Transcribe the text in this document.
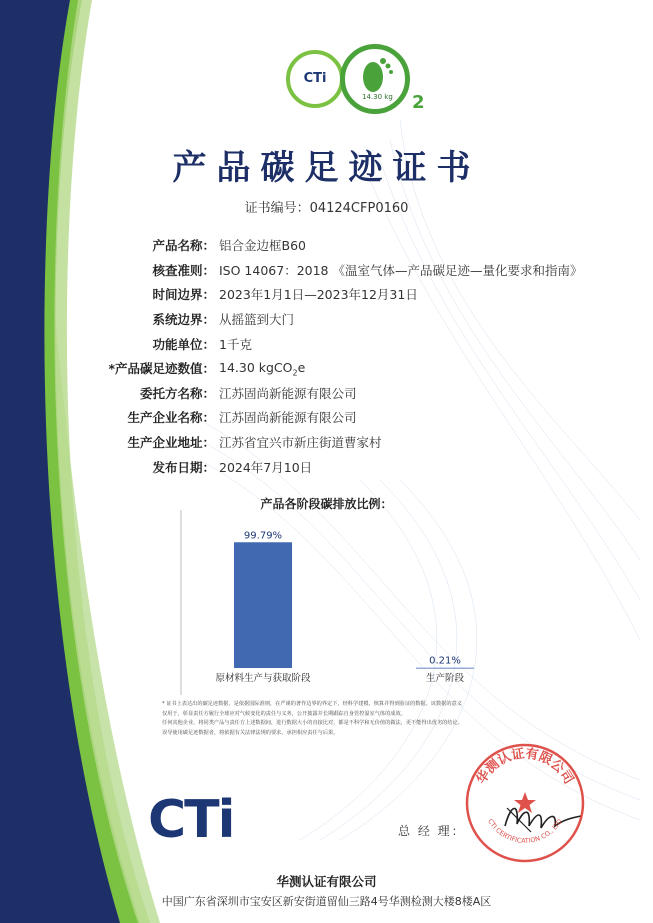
CTi
14.30 kg 2
产品碳足迹证书
证书编号：04124CFP0160
产品名称： 铝合金边框B60
核查准则： ISO 14067：2018 《温室气体—产品碳足迹—量化要求和指南》
时间边界： 2023年1月1日—2023年12月31日
系统边界： 从摇篮到大门
功能单位： 1千克
*产品碳足迹数值： 14.30 kgCO$_2$e
委托方名称： 江苏固尚新能源有限公司
生产企业名称： 江苏固尚新能源有限公司
生产企业地址： 江苏省宜兴市新庄街道曹家村
发布日期： 2024年7月10日
产品各阶段碳排放比例：
99.79%
原材料生产与获取阶段
0.21%
生产阶段
* 证书上表达出的碳足迹数据，是依据国际准则，在严谨的著作边界的界定下，经科学建模、核算并得到验证的数据。该数据的意义
仅用于，彰显责任方履行全球应对气候变化的责任与义务，公开披露并长期跟踪自身管控温室气体的成效。
任何其他企业，将同类产品与责任方上述数据间，进行数据大小的直接比对，都是不科学和无价值的做法，更不能得出优劣的结论。
误导使用碳足迹数据者，将依据有关法律法规的要求，承担相应责任与后果。
CTi	总 经 理：
华测认证有限公司
CTI CERTIFICATION CO., LTD
华测认证有限公司
中国广东省深圳市宝安区新安街道留仙三路4号华测检测大楼8楼A区
